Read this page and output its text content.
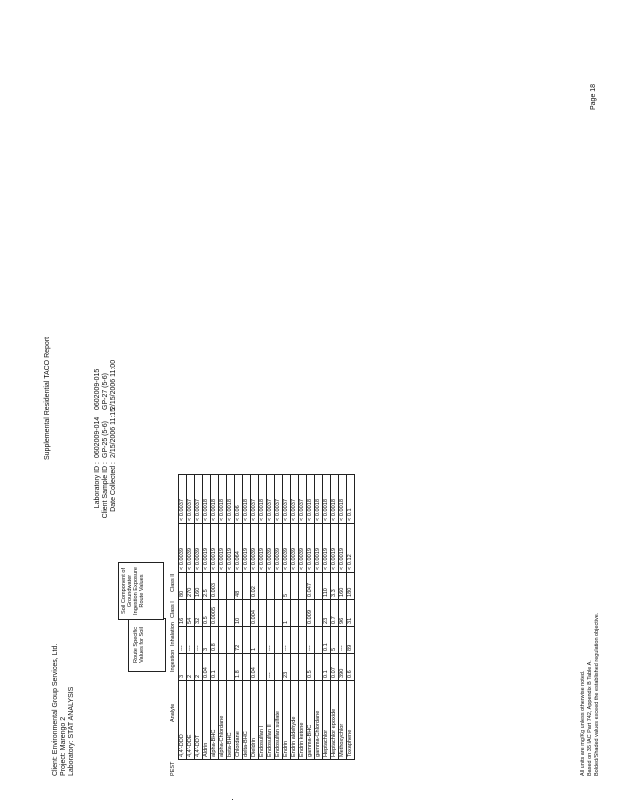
Supplemental Residential TACO Report
Client: Environmental Group Services, Ltd. Project: Marengo 2 Laboratory: STAT ANALYSIS
Laboratory ID : Client Sample ID : Date Collected :
0602009-014
0602009-015
GP-25 (5-6)
GP-27 (5-6)
2/15/2006 11:15
2/15/2006 11:00
Route Specific Values for Soil
Soil Component of Groundwater Ingestion Exposure Route Values
PEST
Analyte
Ingestion
Inhalation
Class I
Class II
4,4'-DDD	3	---	16	80	< 0.0039	< 0.0037
4,4'-DDE	2	---	54	270	< 0.0039	< 0.0037
4,4'-DDT	2	---	32	160	< 0.0039	< 0.0037
Aldrin	0.04	3	0.5	2.5	< 0.0019	< 0.0018
alpha-BHC	0.1	0.8	0.0005	0.003	< 0.0019	< 0.0018
alpha-Chlordane					< 0.0019	< 0.0018
beta-BHC					< 0.0019	< 0.0018
Chlordane	1.8	72	10	48	< 0.064	< 0.06
delta-BHC					< 0.0019	< 0.0018
Dieldrin	0.04	1	0.004	0.02	< 0.0039	< 0.0037
Endosulfan I					< 0.0019	< 0.0018
Endosulfan II	---	---			< 0.0039	< 0.0037
Endosulfan sulfate					< 0.0039	< 0.0037
Endrin	23	---	1	5	< 0.0039	< 0.0037
Endrin aldehyde					< 0.0039	< 0.0037
Endrin ketone					< 0.0039	< 0.0037
gamma-BHC	0.5	---	0.009	0.047	< 0.0019	< 0.0018
gamma-Chlordane					< 0.0019	< 0.0018
Heptachlor	0.1	0.1	23	110	< 0.0019	< 0.0018
Heptachlor epoxide	0.07	5	0.7	3.3	< 0.0019	< 0.0018
Methoxychlor	390	---	96	160	< 0.0019	< 0.0018
Toxaphene	0.6	89	31	180	< 0.12	< 0.1
All units are mg/Kg unless otherwise noted. Based on 35 IAC Part 742, Appendix B Table A. Bolded/Shaded values exceed the established regulation objective.
Page 18
